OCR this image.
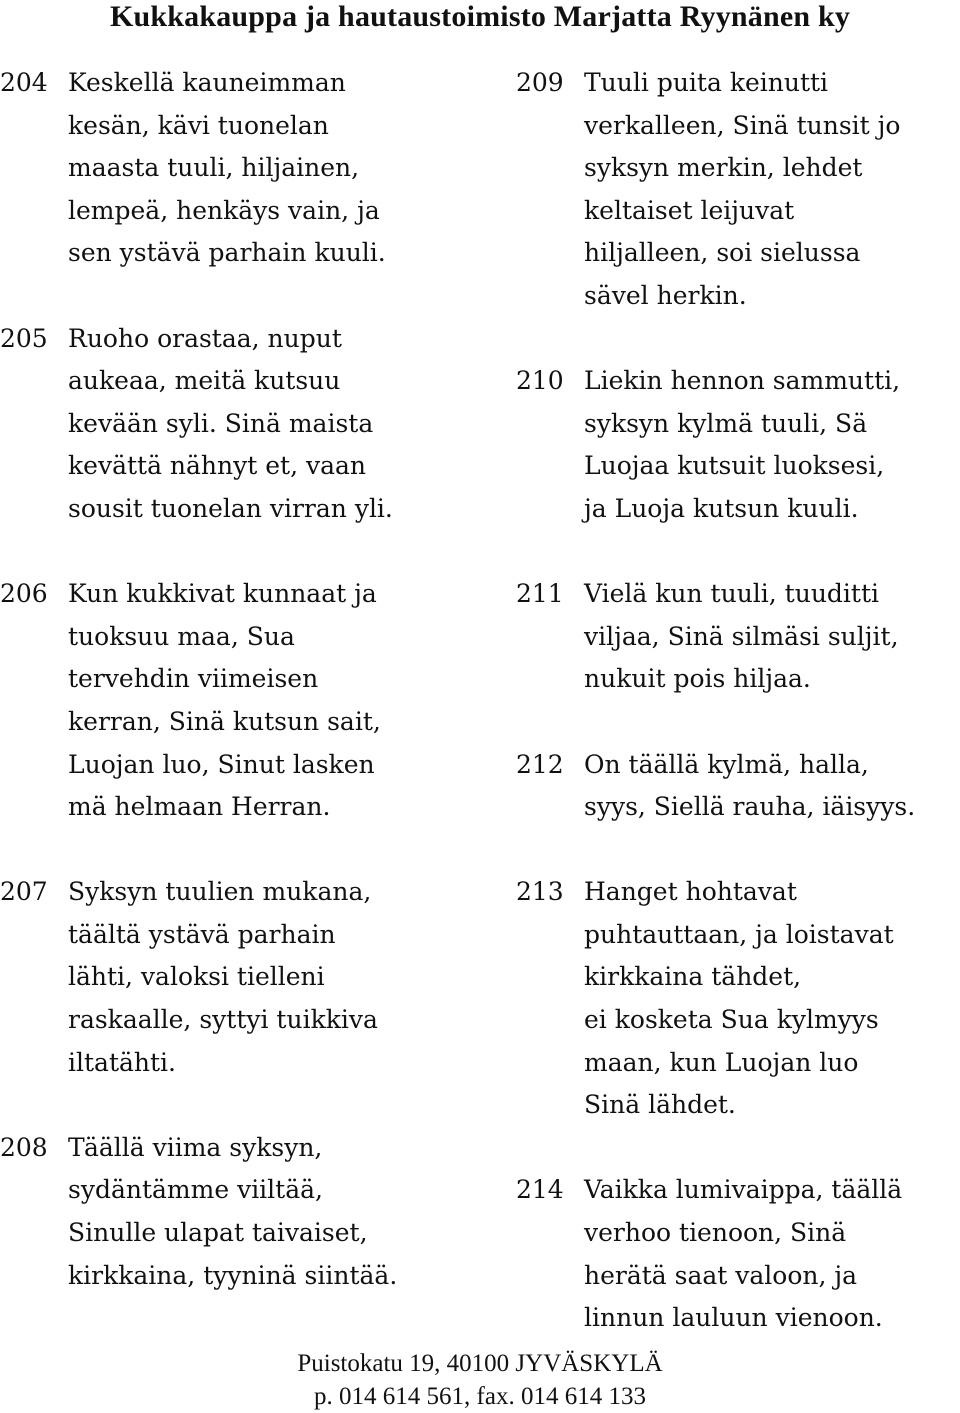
Kukkakauppa ja hautaustoimisto Marjatta Ryynänen ky
204 Keskellä kauneimman
kesän, kävi tuonelan
maasta tuuli, hiljainen,
lempeä, henkäys vain, ja
sen ystävä parhain kuuli.
205 Ruoho orastaa, nuput
aukeaa, meitä kutsuu
kevään syli. Sinä maista
kevättä nähnyt et, vaan
sousit tuonelan virran yli.
206 Kun kukkivat kunnaat ja
tuoksuu maa, Sua
tervehdin viimeisen
kerran, Sinä kutsun sait,
Luojan luo, Sinut lasken
mä helmaan Herran.
207 Syksyn tuulien mukana,
täältä ystävä parhain
lähti, valoksi tielleni
raskaalle, syttyi tuikkiva
iltatähti.
208 Täällä viima syksyn,
sydäntämme viiltää,
Sinulle ulapat taivaiset,
kirkkaina, tyyninä siintää.
209 Tuuli puita keinutti
verkalleen, Sinä tunsit jo
syksyn merkin, lehdet
keltaiset leijuvat
hiljalleen, soi sielussa
sävel herkin.
210 Liekin hennon sammutti,
syksyn kylmä tuuli, Sä
Luojaa kutsuit luoksesi,
ja Luoja kutsun kuuli.
211 Vielä kun tuuli, tuuditti
viljaa, Sinä silmäsi suljit,
nukuit pois hiljaa.
212 On täällä kylmä, halla,
syys, Siellä rauha, iäisyys.
213 Hanget hohtavat
puhtauttaan, ja loistavat
kirkkaina tähdet,
ei kosketa Sua kylmyys
maan, kun Luojan luo
Sinä lähdet.
214 Vaikka lumivaippa, täällä
verhoo tienoon, Sinä
herätä saat valoon, ja
linnun lauluun vienoon.
Puistokatu 19, 40100 JYVÄSKYLÄ
p. 014 614 561, fax. 014 614 133
